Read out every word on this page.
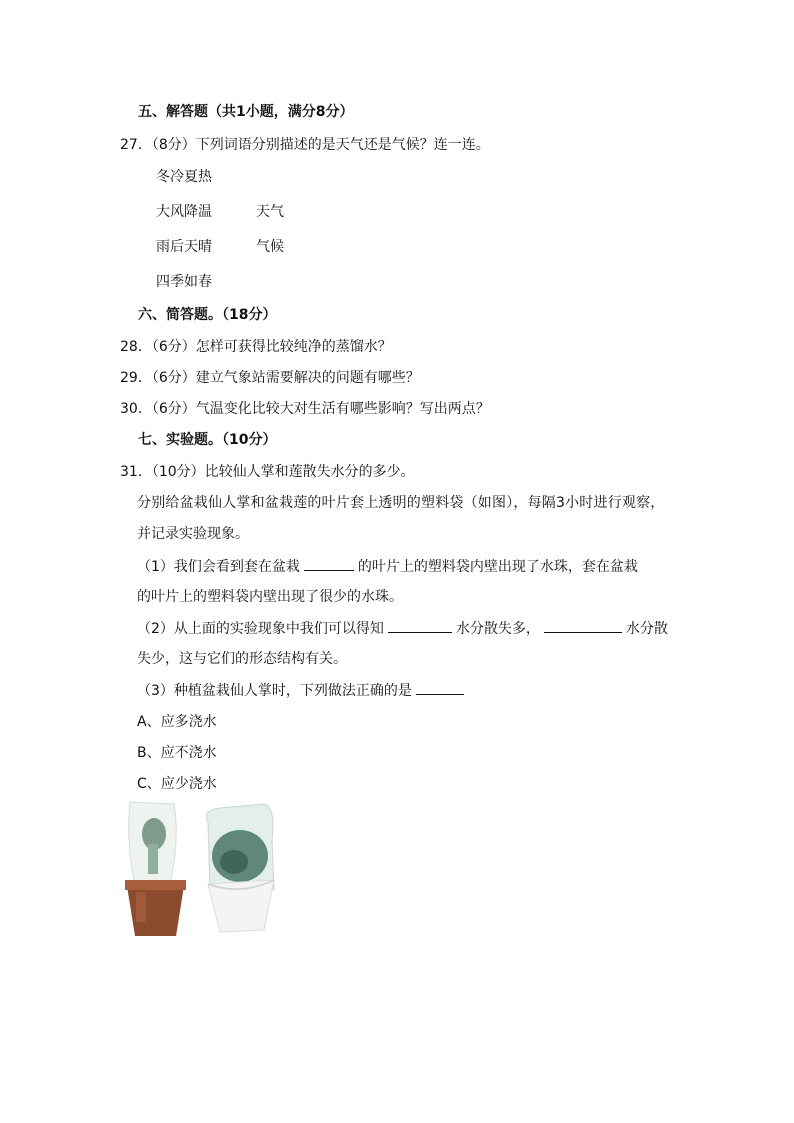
五、解答题（共1小题，满分8分）
27．（8分）下列词语分别描述的是天气还是气候？连一连。
冬冷夏热
大风降温	天气
雨后天晴	气候
四季如春
六、简答题。（18分）
28．（6分）怎样可获得比较纯净的蒸馏水？
29．（6分）建立气象站需要解决的问题有哪些？
30．（6分）气温变化比较大对生活有哪些影响？写出两点？
七、实验题。（10分）
31．（10分）比较仙人掌和莲散失水分的多少。
分别给盆栽仙人掌和盆栽莲的叶片套上透明的塑料袋（如图），每隔3小时进行观察，
并记录实验现象。
（1）我们会看到套在盆栽	的叶片上的塑料袋内壁出现了水珠，套在盆栽
的叶片上的塑料袋内壁出现了很少的水珠。
（2）从上面的实验现象中我们可以得知	水分散失多，	水分散
失少，这与它们的形态结构有关。
（3）种植盆栽仙人掌时，下列做法正确的是
A、应多浇水
B、应不浇水
C、应少浇水
